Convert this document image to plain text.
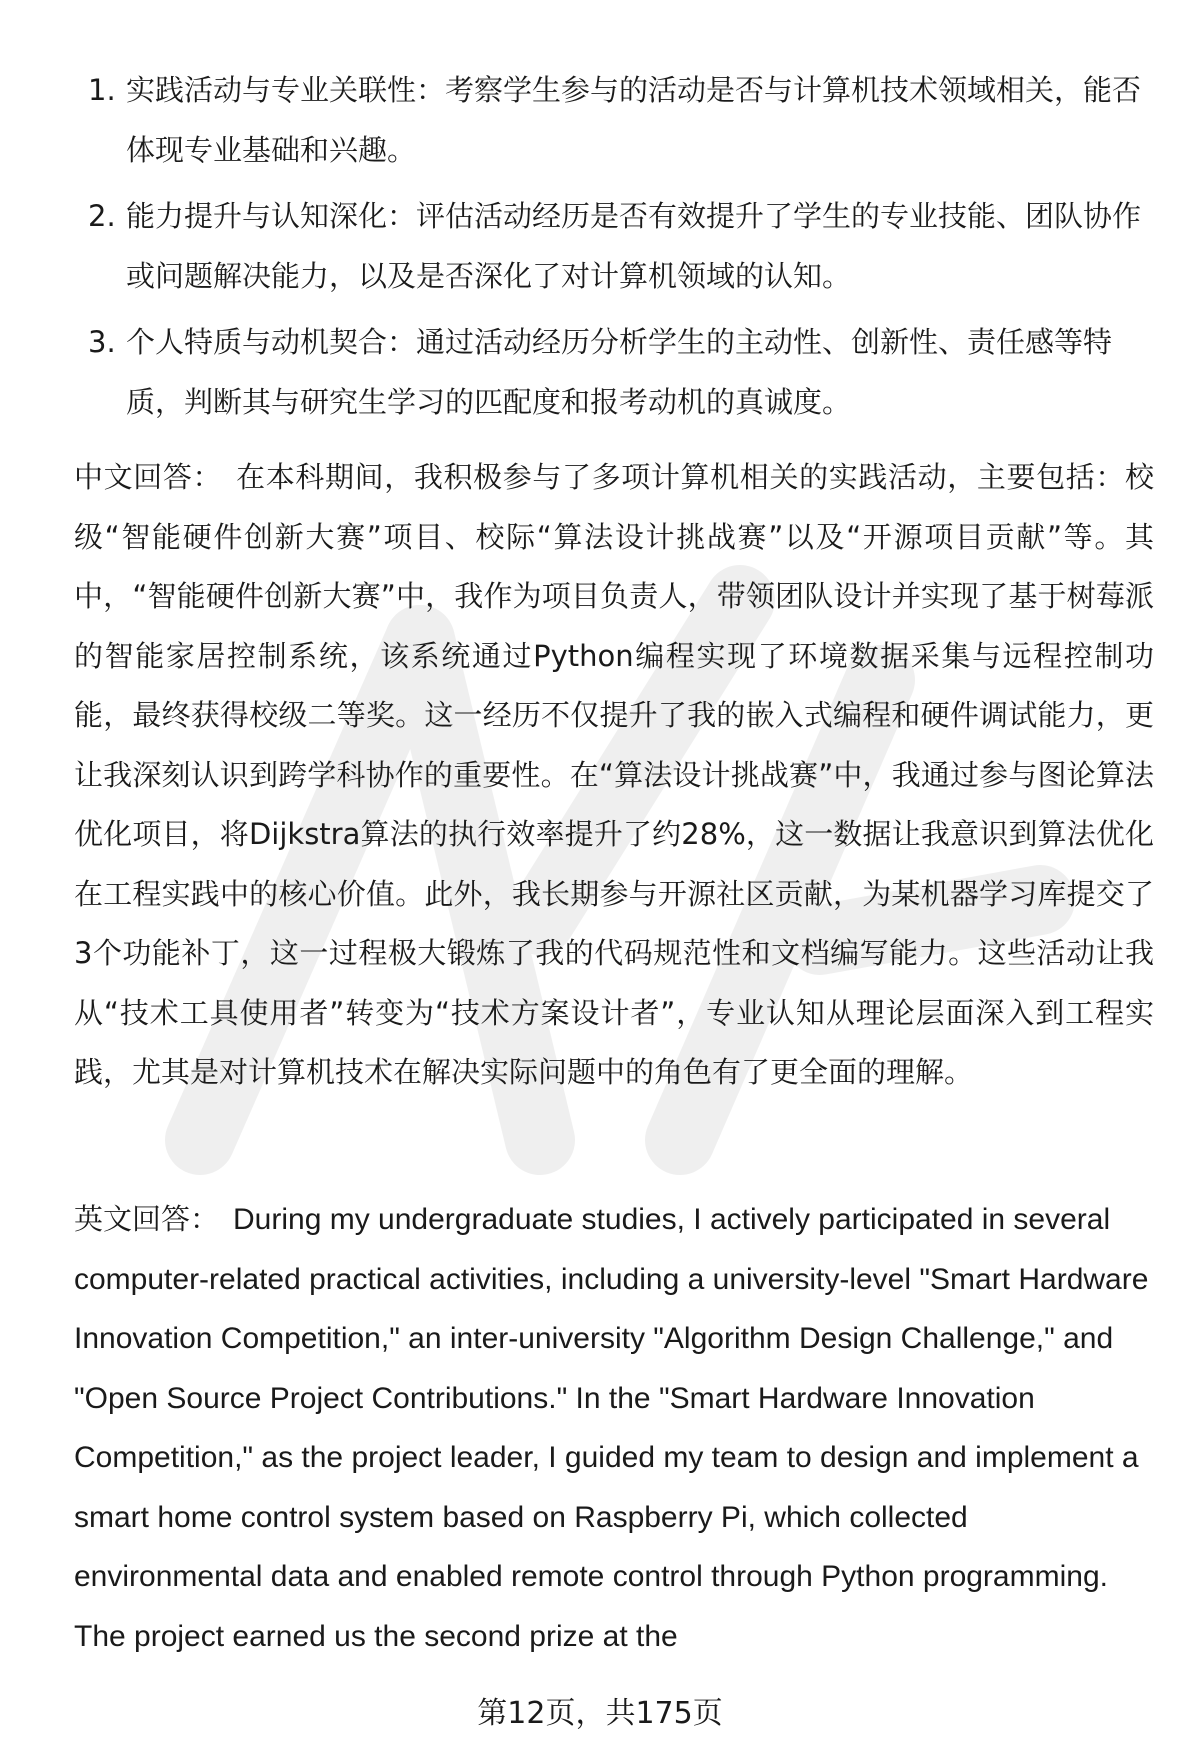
1. 实践活动与专业关联性：考察学生参与的活动是否与计算机技术领域相关，能否体现专业基础和兴趣。
2. 能力提升与认知深化：评估活动经历是否有效提升了学生的专业技能、团队协作或问题解决能力，以及是否深化了对计算机领域的认知。
3. 个人特质与动机契合：通过活动经历分析学生的主动性、创新性、责任感等特质，判断其与研究生学习的匹配度和报考动机的真诚度。

中文回答： 在本科期间，我积极参与了多项计算机相关的实践活动，主要包括：校级“智能硬件创新大赛”项目、校际“算法设计挑战赛”以及“开源项目贡献”等。其中，“智能硬件创新大赛”中，我作为项目负责人，带领团队设计并实现了基于树莓派的智能家居控制系统，该系统通过Python编程实现了环境数据采集与远程控制功能，最终获得校级二等奖。这一经历不仅提升了我的嵌入式编程和硬件调试能力，更让我深刻认识到跨学科协作的重要性。在“算法设计挑战赛”中，我通过参与图论算法优化项目，将Dijkstra算法的执行效率提升了约28%，这一数据让我意识到算法优化在工程实践中的核心价值。此外，我长期参与开源社区贡献，为某机器学习库提交了3个功能补丁，这一过程极大锻炼了我的代码规范性和文档编写能力。这些活动让我从“技术工具使用者”转变为“技术方案设计者”，专业认知从理论层面深入到工程实践，尤其是对计算机技术在解决实际问题中的角色有了更全面的理解。

英文回答： During my undergraduate studies, I actively participated in several computer-related practical activities, including a university-level "Smart Hardware Innovation Competition," an inter-university "Algorithm Design Challenge," and "Open Source Project Contributions." In the "Smart Hardware Innovation Competition," as the project leader, I guided my team to design and implement a smart home control system based on Raspberry Pi, which collected environmental data and enabled remote control through Python programming. The project earned us the second prize at the

第12页，共175页
